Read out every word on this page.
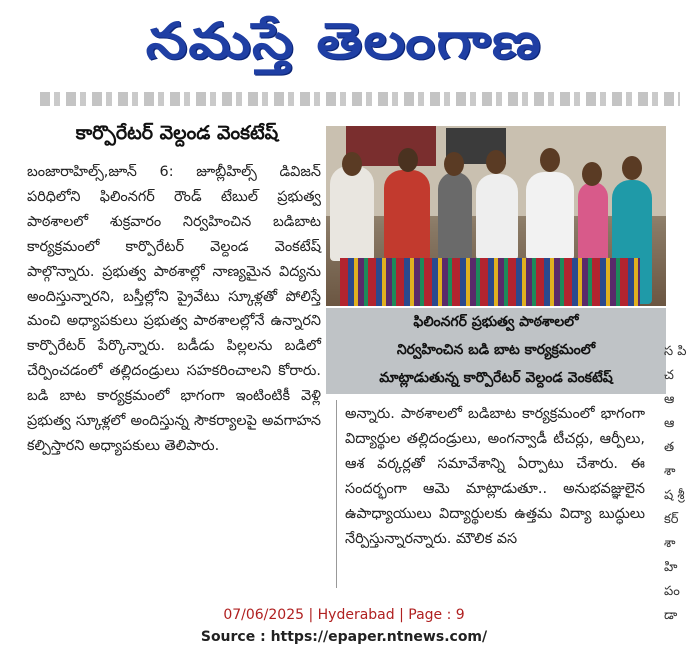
నమస్తే తెలంగాణ
కార్పొరేటర్ వెల్దండ వెంకటేష్

బంజారాహిల్స్,జూన్ 6: జూబ్లీహిల్స్ డివిజన్ పరిధిలోని ఫిలింనగర్ రౌండ్ టేబుల్ ప్రభుత్వ పాఠశాలలో శుక్రవారం నిర్వహించిన బడిబాట కార్యక్రమంలో కార్పొరేటర్ వెల్దండ వెంకటేష్ పాల్గొన్నారు. ప్రభుత్వ పాఠశాల్లో నాణ్యమైన విద్యను అందిస్తున్నారని, బస్తీల్లోని ప్రైవేటు స్కూళ్లతో పోలిస్తే మంచి అధ్యాపకులు ప్రభుత్వ పాఠశాలల్లోనే ఉన్నారని కార్పొరేటర్ పేర్కొన్నారు. బడీడు పిల్లలను బడిలో చేర్పించడంలో తల్లిదండ్రులు సహకరించాలని కోరారు. బడి బాట కార్యక్రమంలో భాగంగా ఇంటింటికీ వెళ్లి ప్రభుత్వ స్కూళ్లలో అందిస్తున్న సౌకర్యాలపై అవగాహన కల్పిస్తారని అధ్యాపకులు తెలిపారు.

ఫిలింనగర్ ప్రభుత్వ పాఠశాలలో
నిర్వహించిన బడి బాట కార్యక్రమంలో
మాట్లాడుతున్న కార్పొరేటర్ వెల్దండ వెంకటేష్

అన్నారు. పాఠశాలలో బడిబాట కార్యక్రమంలో భాగంగా విద్యార్థుల తల్లిదండ్రులు, అంగన్వాడీ టీచర్లు, ఆర్పీలు, ఆశ వర్కర్లతో సమావేశాన్ని ఏర్పాటు చేశారు. ఈ సందర్భంగా ఆమె మాట్లాడుతూ.. అనుభవజ్ఞులైన ఉపాధ్యాయులు విద్యార్థులకు ఉత్తమ విద్యా బుద్ధులు నేర్పిస్తున్నారన్నారు. మౌలిక వస

స పి చ ఆ ఆ త శా ష శ్రీ కర్ శా హి పం డా
07/06/2025 | Hyderabad | Page : 9
Source : https://epaper.ntnews.com/
